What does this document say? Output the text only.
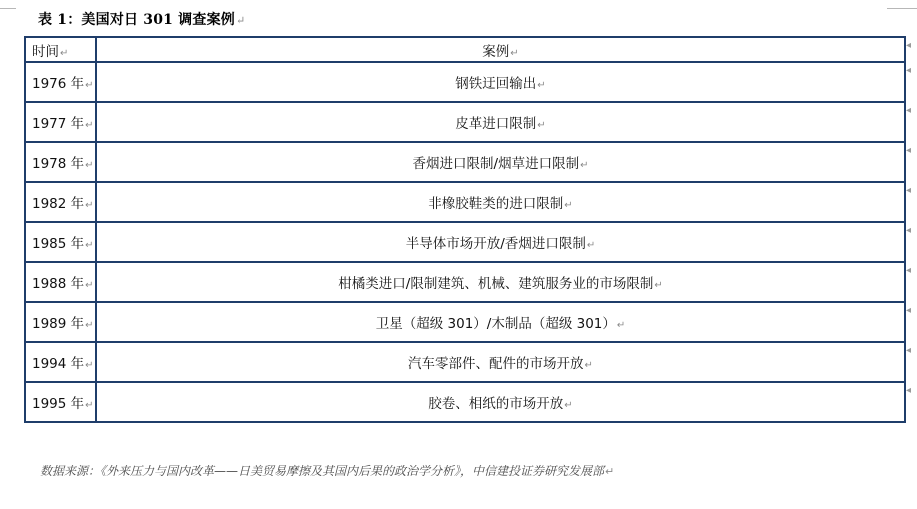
表 1：美国对日 301 调查案例↵
时间↵	案例↵
1976 年↵	钢铁迂回输出↵
1977 年↵	皮革进口限制↵
1978 年↵	香烟进口限制/烟草进口限制↵
1982 年↵	非橡胶鞋类的进口限制↵
1985 年↵	半导体市场开放/香烟进口限制↵
1988 年↵	柑橘类进口/限制建筑、机械、建筑服务业的市场限制↵
1989 年↵	卫星（超级 301）/木制品（超级 301）↵
1994 年↵	汽车零部件、配件的市场开放↵
1995 年↵	胶卷、相纸的市场开放↵
◂
◂
◂
◂
◂
◂
◂
◂
◂
◂
数据来源：《外来压力与国内改革——日美贸易摩擦及其国内后果的政治学分析》，中信建投证券研究发展部↵
